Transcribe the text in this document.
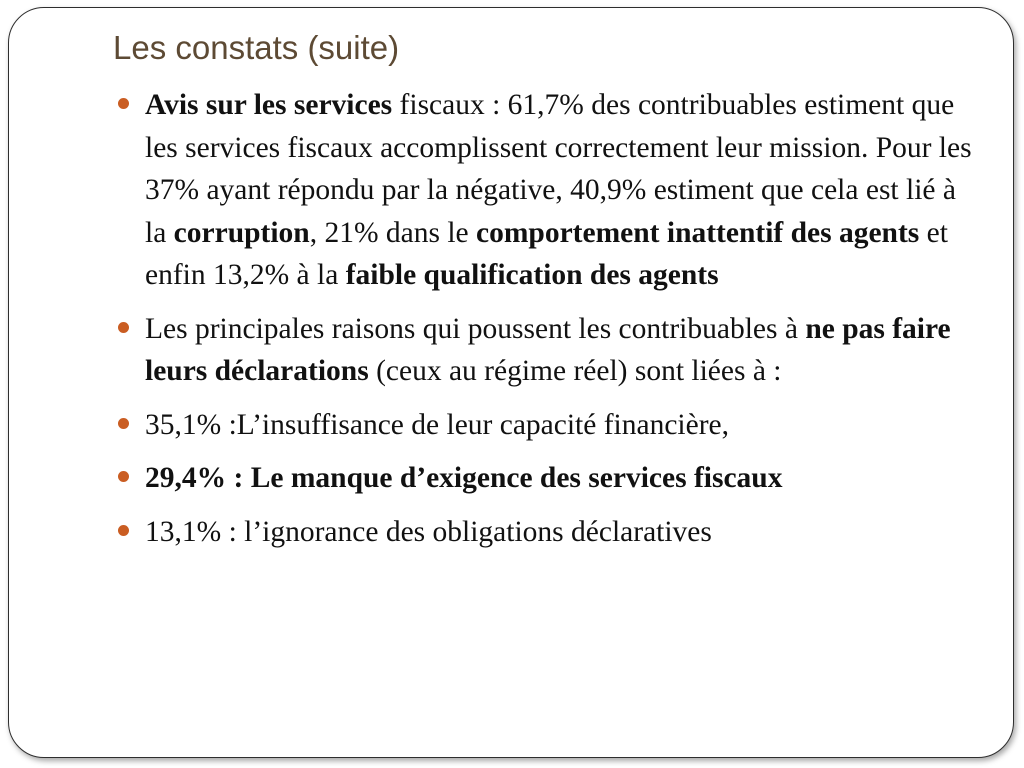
Les constats (suite)
Avis sur les services fiscaux : 61,7% des contribuables estiment que les services fiscaux accomplissent correctement leur mission. Pour les 37% ayant répondu par la négative, 40,9% estiment que cela est lié à la corruption, 21% dans le comportement inattentif des agents et enfin 13,2% à la faible qualification des agents
Les principales raisons qui poussent les contribuables à ne pas faire leurs déclarations (ceux au régime réel) sont liées à :
35,1% :L’insuffisance de leur capacité financière,
29,4% : Le manque d’exigence des services fiscaux
13,1% : l’ignorance des obligations déclaratives
